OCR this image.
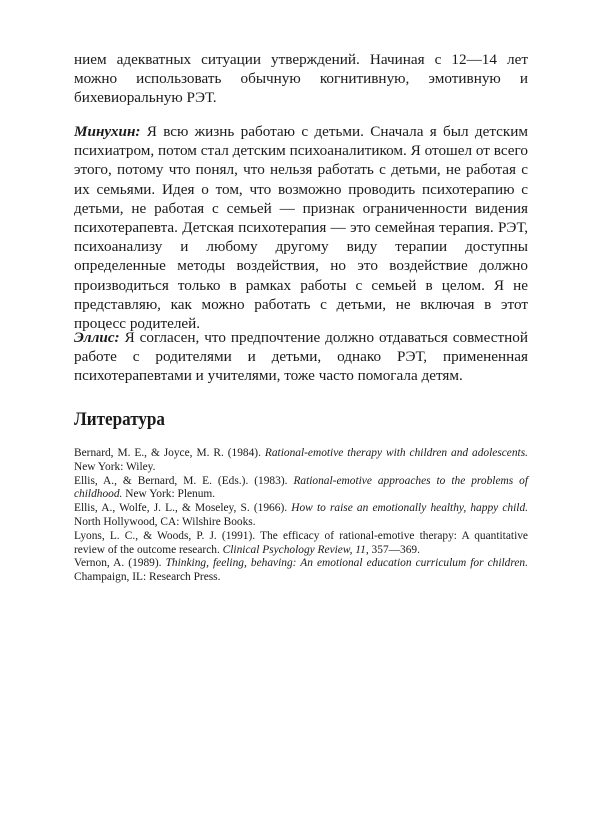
нием адекватных ситуации утверждений. Начиная с 12—14 лет можно использовать обычную когнитивную, эмотивную и бихевиоральную РЭТ.

Минухин: Я всю жизнь работаю с детьми. Сначала я был детским психиатром, потом стал детским психоаналитиком. Я отошел от всего этого, потому что понял, что нельзя работать с детьми, не работая с их семьями. Идея о том, что возможно проводить психотерапию с детьми, не работая с семьей — признак ограниченности видения психотерапевта. Детская психотерапия — это семейная терапия. РЭТ, психоанализу и любому другому виду терапии доступны определенные методы воздействия, но это воздействие должно производиться только в рамках работы с семьей в целом. Я не представляю, как можно работать с детьми, не включая в этот процесс родителей.

Эллис: Я согласен, что предпочтение должно отдаваться совместной работе с родителями и детьми, однако РЭТ, примененная психотерапевтами и учителями, тоже часто помогала детям.

Литература

Bernard, M. E., & Joyce, M. R. (1984). Rational-emotive therapy with children and adolescents. New York: Wiley.

Ellis, A., & Bernard, M. E. (Eds.). (1983). Rational-emotive approaches to the problems of childhood. New York: Plenum.

Ellis, A., Wolfe, J. L., & Moseley, S. (1966). How to raise an emotionally healthy, happy child. North Hollywood, CA: Wilshire Books.

Lyons, L. C., & Woods, P. J. (1991). The efficacy of rational-emotive therapy: A quantitative review of the outcome research. Clinical Psychology Review, 11, 357—369.

Vernon, A. (1989). Thinking, feeling, behaving: An emotional education curriculum for children. Champaign, IL: Research Press.
